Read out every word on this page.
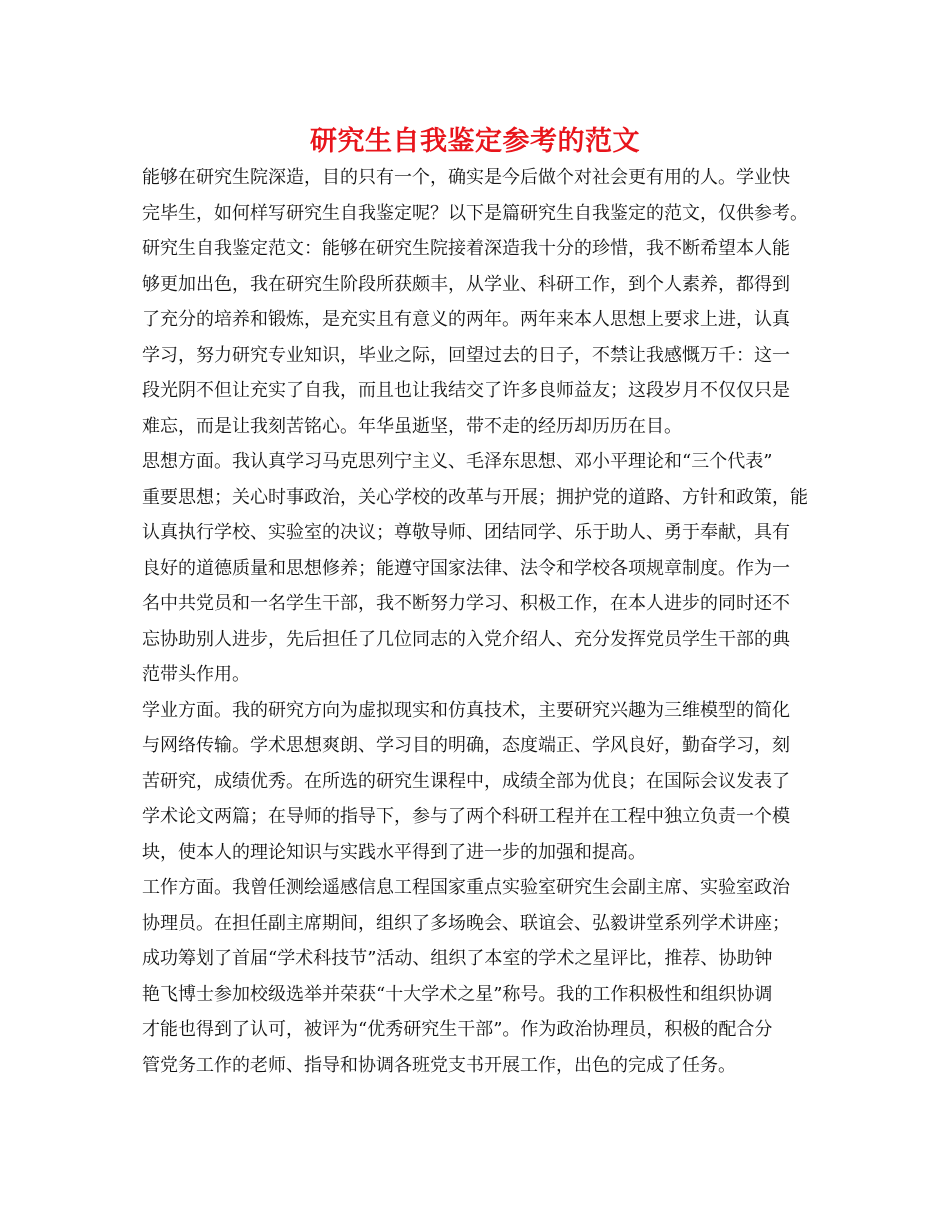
研究生自我鉴定参考的范文
能够在研究生院深造，目的只有一个，确实是今后做个对社会更有用的人。学业快
完毕生，如何样写研究生自我鉴定呢？以下是篇研究生自我鉴定的范文，仅供参考。
研究生自我鉴定范文：能够在研究生院接着深造我十分的珍惜，我不断希望本人能
够更加出色，我在研究生阶段所获颇丰，从学业、科研工作，到个人素养，都得到
了充分的培养和锻炼，是充实且有意义的两年。两年来本人思想上要求上进，认真
学习，努力研究专业知识，毕业之际，回望过去的日子，不禁让我感慨万千：这一
段光阴不但让充实了自我，而且也让我结交了许多良师益友；这段岁月不仅仅只是
难忘，而是让我刻苦铭心。年华虽逝坚，带不走的经历却历历在目。
思想方面。我认真学习马克思列宁主义、毛泽东思想、邓小平理论和“三个代表”
重要思想；关心时事政治，关心学校的改革与开展；拥护党的道路、方针和政策，能
认真执行学校、实验室的决议；尊敬导师、团结同学、乐于助人、勇于奉献，具有
良好的道德质量和思想修养；能遵守国家法律、法令和学校各项规章制度。作为一
名中共党员和一名学生干部，我不断努力学习、积极工作，在本人进步的同时还不
忘协助别人进步，先后担任了几位同志的入党介绍人、充分发挥党员学生干部的典
范带头作用。
学业方面。我的研究方向为虚拟现实和仿真技术，主要研究兴趣为三维模型的简化
与网络传输。学术思想爽朗、学习目的明确，态度端正、学风良好，勤奋学习，刻
苦研究，成绩优秀。在所选的研究生课程中，成绩全部为优良；在国际会议发表了
学术论文两篇；在导师的指导下，参与了两个科研工程并在工程中独立负责一个模
块，使本人的理论知识与实践水平得到了进一步的加强和提高。
工作方面。我曾任测绘遥感信息工程国家重点实验室研究生会副主席、实验室政治
协理员。在担任副主席期间，组织了多场晚会、联谊会、弘毅讲堂系列学术讲座；
成功筹划了首届“学术科技节”活动、组织了本室的学术之星评比，推荐、协助钟
艳飞博士参加校级选举并荣获“十大学术之星”称号。我的工作积极性和组织协调
才能也得到了认可，被评为“优秀研究生干部”。作为政治协理员，积极的配合分
管党务工作的老师、指导和协调各班党支书开展工作，出色的完成了任务。
